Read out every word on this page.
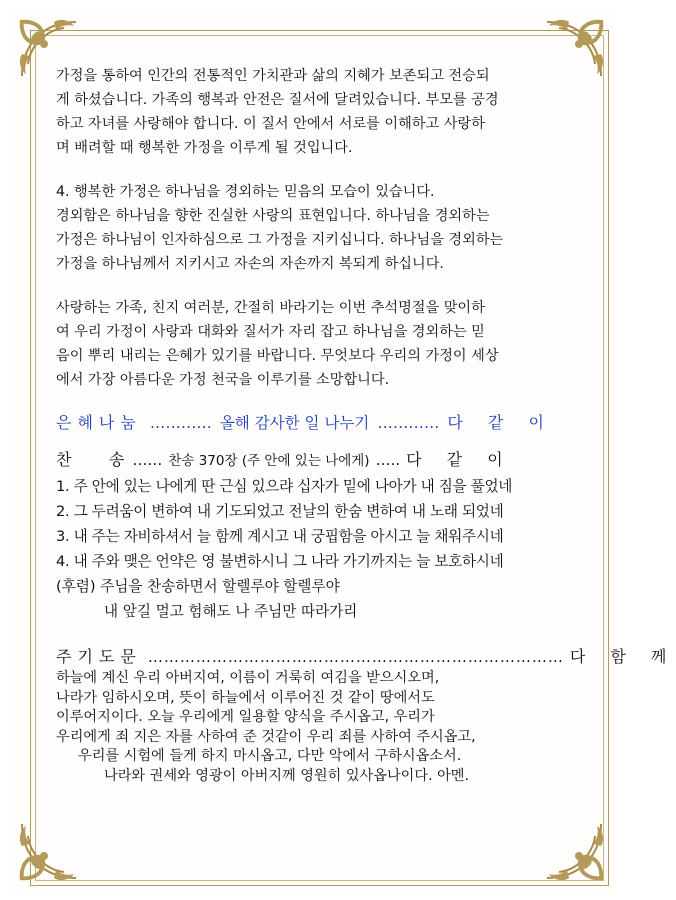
가정을 통하여 인간의 전통적인 가치관과 삶의 지혜가 보존되고 전승되

게 하셨습니다. 가족의 행복과 안전은 질서에 달려있습니다. 부모를 공경

하고 자녀를 사랑해야 합니다. 이 질서 안에서 서로를 이해하고 사랑하

며 배려할 때 행복한 가정을 이루게 될 것입니다.

4. 행복한 가정은 하나님을 경외하는 믿음의 모습이 있습니다.

경외함은 하나님을 향한 진실한 사랑의 표현입니다. 하나님을 경외하는

가정은 하나님이 인자하심으로 그 가정을 지키십니다. 하나님을 경외하는

가정을 하나님께서 지키시고 자손의 자손까지 복되게 하십니다.

사랑하는 가족, 친지 여러분, 간절히 바라기는 이번 추석명절을 맞이하

여 우리 가정이 사랑과 대화와 질서가 자리 잡고 하나님을 경외하는 믿

음이 뿌리 내리는 은혜가 있기를 바랍니다. 무엇보다 우리의 가정이 세상

에서 가장 아름다운 가정 천국을 이루기를 소망합니다.

은혜나눔 ………… 올해 감사한 일 나누기 ………… 다 같 이
찬     송 …… 찬송 370장 (주 안에 있는 나에게) ….. 다 같 이

1. 주 안에 있는 나에게 딴 근심 있으랴 십자가 밑에 나아가 내 짐을 풀었네

2. 그 두려움이 변하여 내 기도되었고 전날의 한숨 변하여 내 노래 되었네

3. 내 주는 자비하셔서 늘 함께 계시고 내 궁핍함을 아시고 늘 채워주시네

4. 내 주와 맺은 언약은 영 불변하시니 그 나라 가기까지는 늘 보호하시네

(후렴) 주님을 찬송하면서 할렐루야 할렐루야

내 앞길 멀고 험해도 나 주님만 따라가리

주기도문 …………………………………………………………………… 다 함 께

하늘에 계신 우리 아버지여, 이름이 거룩히 여김을 받으시오며,

나라가 임하시오며, 뜻이 하늘에서 이루어진 것 같이 땅에서도

이루어지이다. 오늘 우리에게 일용할 양식을 주시옵고, 우리가

우리에게 죄 지은 자를 사하여 준 것같이 우리 죄를 사하여 주시옵고,

우리를 시험에 들게 하지 마시옵고, 다만 악에서 구하시옵소서.

나라와 권세와 영광이 아버지께 영원히 있사옵나이다. 아멘.
